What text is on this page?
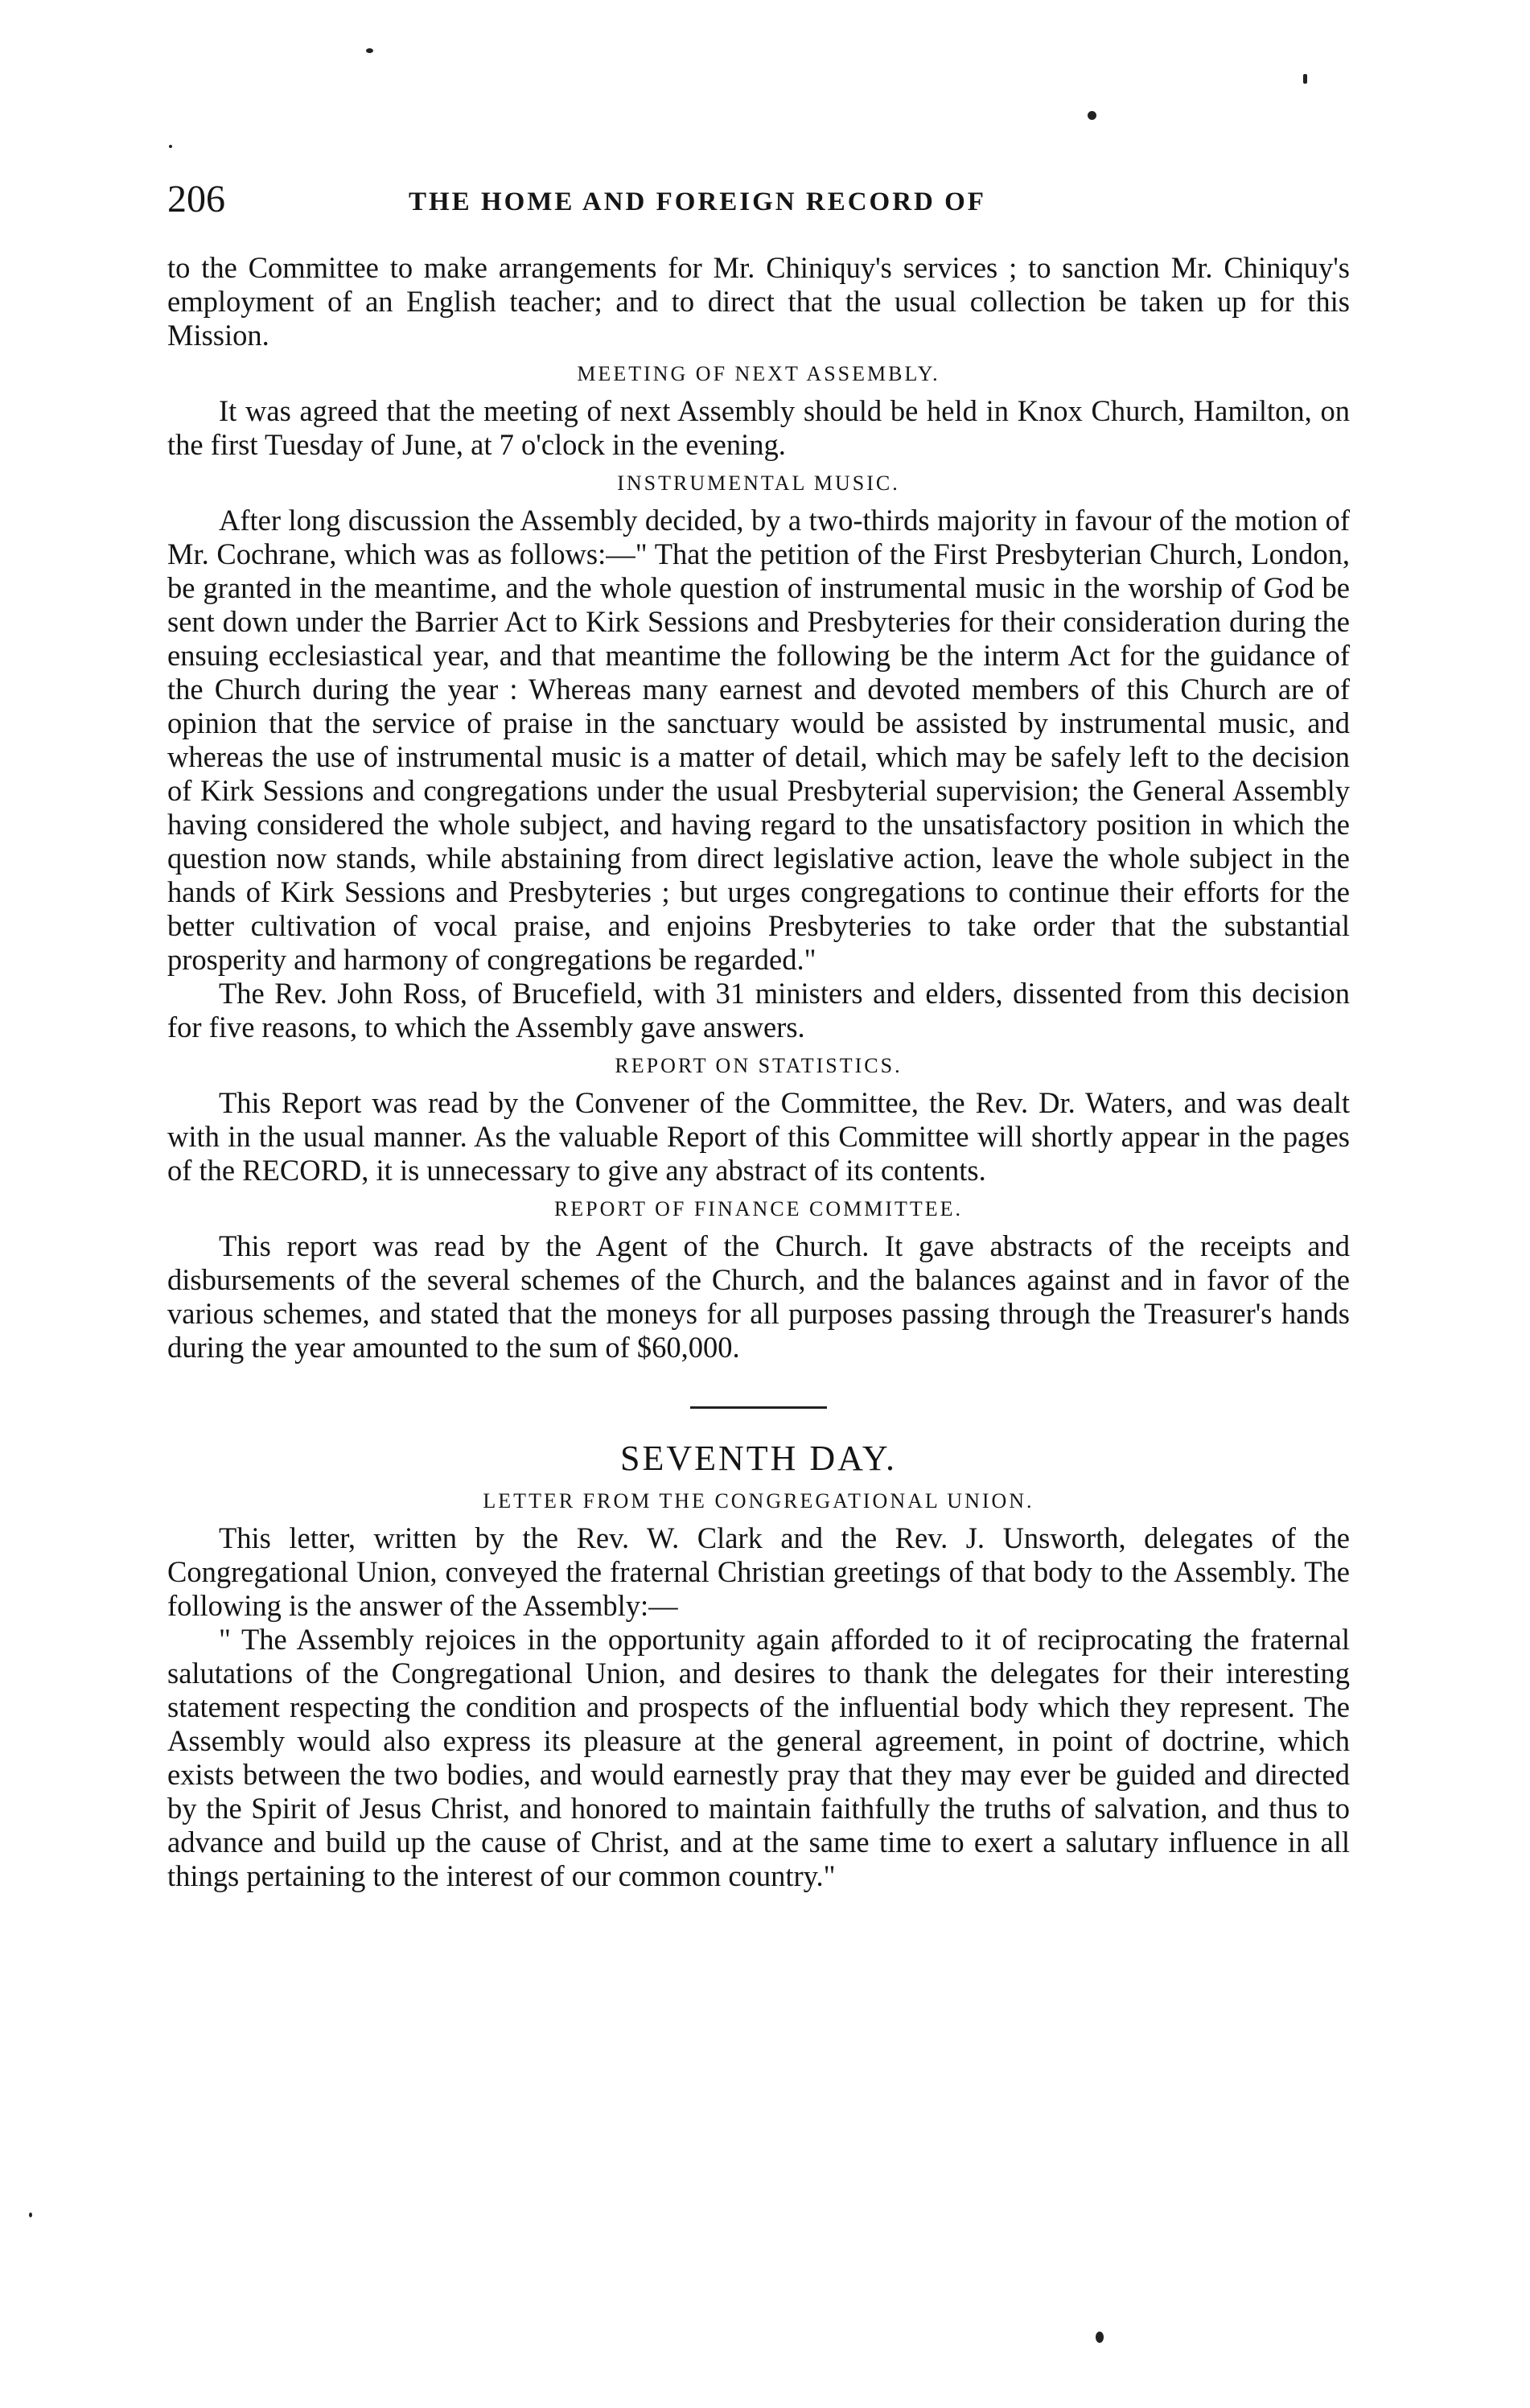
206	THE HOME AND FOREIGN RECORD OF

to the Committee to make arrangements for Mr. Chiniquy's services ; to sanction Mr. Chiniquy's employment of an English teacher; and to direct that the usual collection be taken up for this Mission.

MEETING OF NEXT ASSEMBLY.

It was agreed that the meeting of next Assembly should be held in Knox Church, Hamilton, on the first Tuesday of June, at 7 o'clock in the evening.

INSTRUMENTAL MUSIC.

After long discussion the Assembly decided, by a two-thirds majority in favour of the motion of Mr. Cochrane, which was as follows:—" That the petition of the First Presbyterian Church, London, be granted in the meantime, and the whole question of instrumental music in the worship of God be sent down under the Barrier Act to Kirk Sessions and Presbyteries for their consideration during the ensuing ecclesiastical year, and that meantime the following be the interm Act for the guidance of the Church during the year : Whereas many earnest and devoted members of this Church are of opinion that the service of praise in the sanctuary would be assisted by instrumental music, and whereas the use of instrumental music is a matter of detail, which may be safely left to the decision of Kirk Sessions and congregations under the usual Presbyterial supervision; the General Assembly having considered the whole subject, and having regard to the unsatisfactory position in which the question now stands, while abstaining from direct legislative action, leave the whole subject in the hands of Kirk Sessions and Presbyteries ; but urges congregations to continue their efforts for the better cultivation of vocal praise, and enjoins Presbyteries to take order that the substantial prosperity and harmony of congregations be regarded."

The Rev. John Ross, of Brucefield, with 31 ministers and elders, dissented from this decision for five reasons, to which the Assembly gave answers.

REPORT ON STATISTICS.

This Report was read by the Convener of the Committee, the Rev. Dr. Waters, and was dealt with in the usual manner. As the valuable Report of this Committee will shortly appear in the pages of the RECORD, it is unnecessary to give any abstract of its contents.

REPORT OF FINANCE COMMITTEE.

This report was read by the Agent of the Church. It gave abstracts of the receipts and disbursements of the several schemes of the Church, and the balances against and in favor of the various schemes, and stated that the moneys for all purposes passing through the Treasurer's hands during the year amounted to the sum of $60,000.

SEVENTH DAY.
LETTER FROM THE CONGREGATIONAL UNION.

This letter, written by the Rev. W. Clark and the Rev. J. Unsworth, delegates of the Congregational Union, conveyed the fraternal Christian greetings of that body to the Assembly. The following is the answer of the Assembly:—

" The Assembly rejoices in the opportunity again afforded to it of reciprocating the fraternal salutations of the Congregational Union, and desires to thank the delegates for their interesting statement respecting the condition and prospects of the influential body which they represent. The Assembly would also express its pleasure at the general agreement, in point of doctrine, which exists between the two bodies, and would earnestly pray that they may ever be guided and directed by the Spirit of Jesus Christ, and honored to maintain faithfully the truths of salvation, and thus to advance and build up the cause of Christ, and at the same time to exert a salutary influence in all things pertaining to the interest of our common country."
